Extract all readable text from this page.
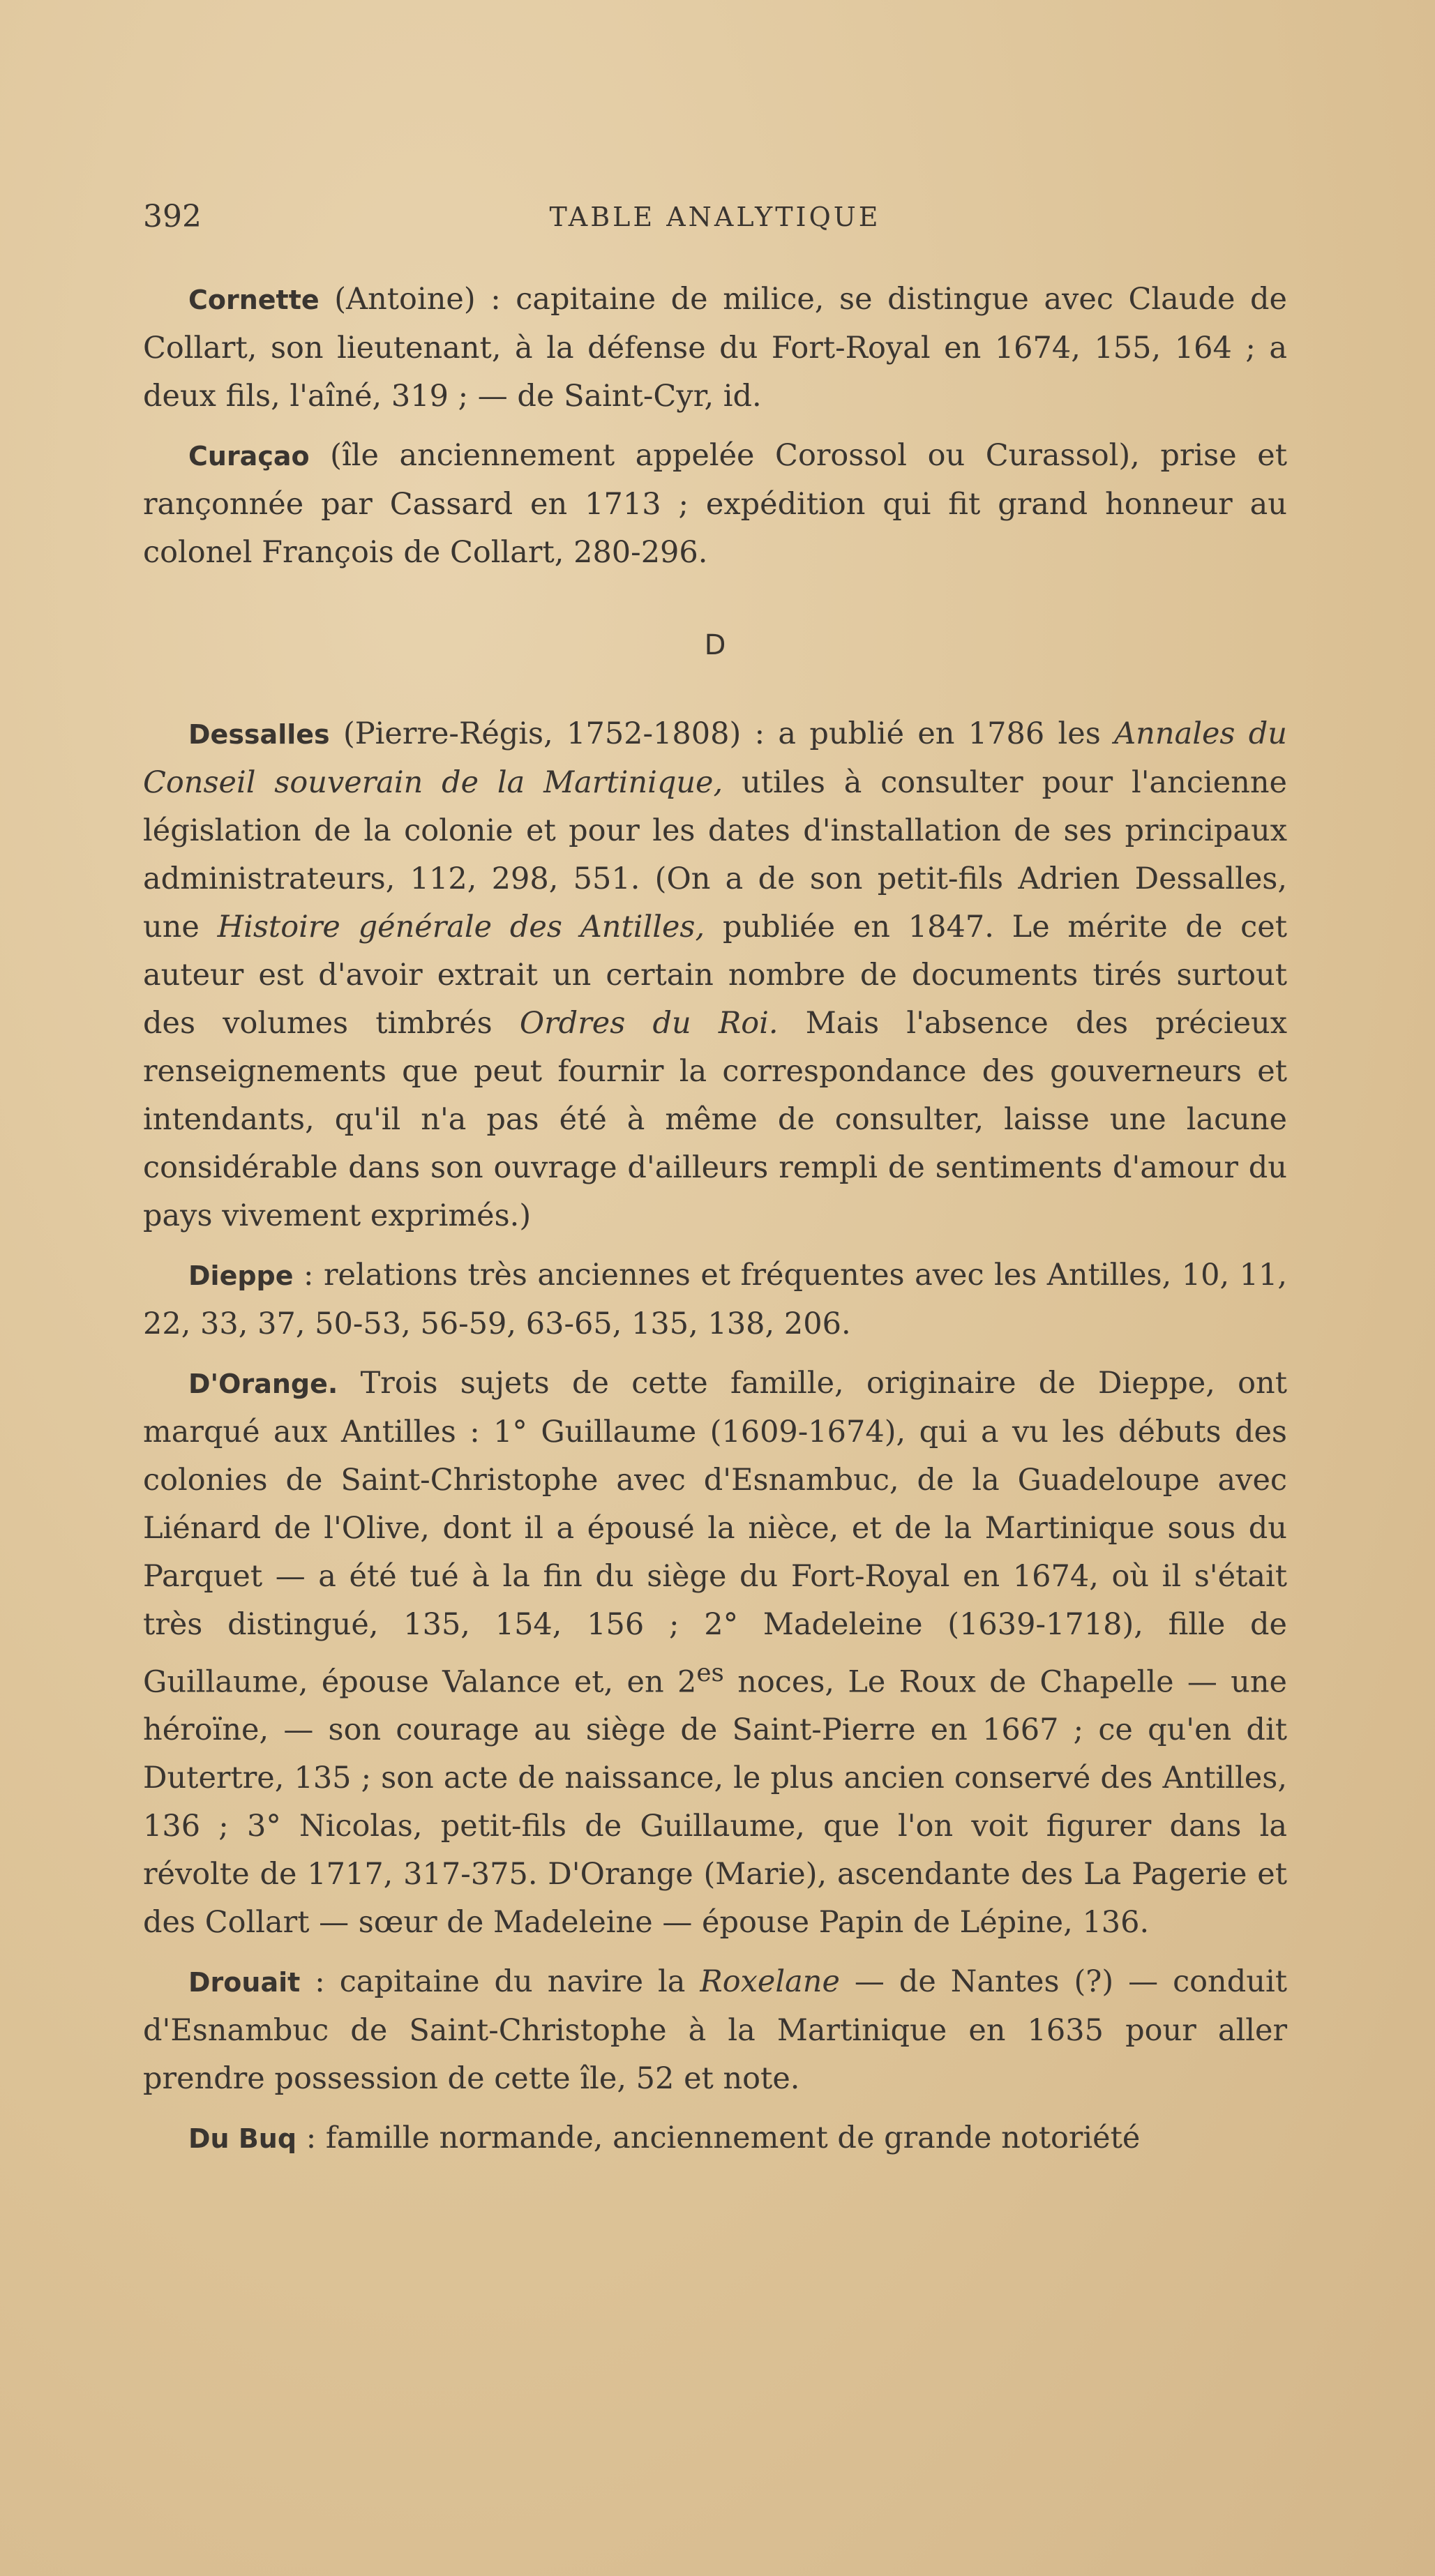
392	TABLE ANALYTIQUE

Cornette (Antoine) : capitaine de milice, se distingue avec Claude de Collart, son lieutenant, à la défense du Fort-Royal en 1674, 155, 164 ; a deux fils, l'aîné, 319 ; — de Saint-Cyr, id.

Curaçao (île anciennement appelée Corossol ou Curassol), prise et rançonnée par Cassard en 1713 ; expédition qui fit grand honneur au colonel François de Collart, 280-296.

D

Dessalles (Pierre-Régis, 1752-1808) : a publié en 1786 les Annales du Conseil souverain de la Martinique, utiles à consulter pour l'ancienne législation de la colonie et pour les dates d'installation de ses principaux administrateurs, 112, 298, 551. (On a de son petit-fils Adrien Dessalles, une Histoire générale des Antilles, publiée en 1847. Le mérite de cet auteur est d'avoir extrait un certain nombre de documents tirés surtout des volumes timbrés Ordres du Roi. Mais l'absence des précieux renseignements que peut fournir la correspondance des gouverneurs et intendants, qu'il n'a pas été à même de consulter, laisse une lacune considérable dans son ouvrage d'ailleurs rempli de sentiments d'amour du pays vivement exprimés.)

Dieppe : relations très anciennes et fréquentes avec les Antilles, 10, 11, 22, 33, 37, 50-53, 56-59, 63-65, 135, 138, 206.

D'Orange. Trois sujets de cette famille, originaire de Dieppe, ont marqué aux Antilles : 1° Guillaume (1609-1674), qui a vu les débuts des colonies de Saint-Christophe avec d'Esnambuc, de la Guadeloupe avec Liénard de l'Olive, dont il a épousé la nièce, et de la Martinique sous du Parquet — a été tué à la fin du siège du Fort-Royal en 1674, où il s'était très distingué, 135, 154, 156 ; 2° Madeleine (1639-1718), fille de Guillaume, épouse Valance et, en $2^{es}$ noces, Le Roux de Chapelle — une héroïne, — son courage au siège de Saint-Pierre en 1667 ; ce qu'en dit Dutertre, 135 ; son acte de naissance, le plus ancien conservé des Antilles, 136 ; 3° Nicolas, petit-fils de Guillaume, que l'on voit figurer dans la révolte de 1717, 317-375. D'Orange (Marie), ascendante des La Pagerie et des Collart — sœur de Madeleine — épouse Papin de Lépine, 136.

Drouait : capitaine du navire la Roxelane — de Nantes (?) — conduit d'Esnambuc de Saint-Christophe à la Martinique en 1635 pour aller prendre possession de cette île, 52 et note.

Du Buq : famille normande, anciennement de grande notoriété
